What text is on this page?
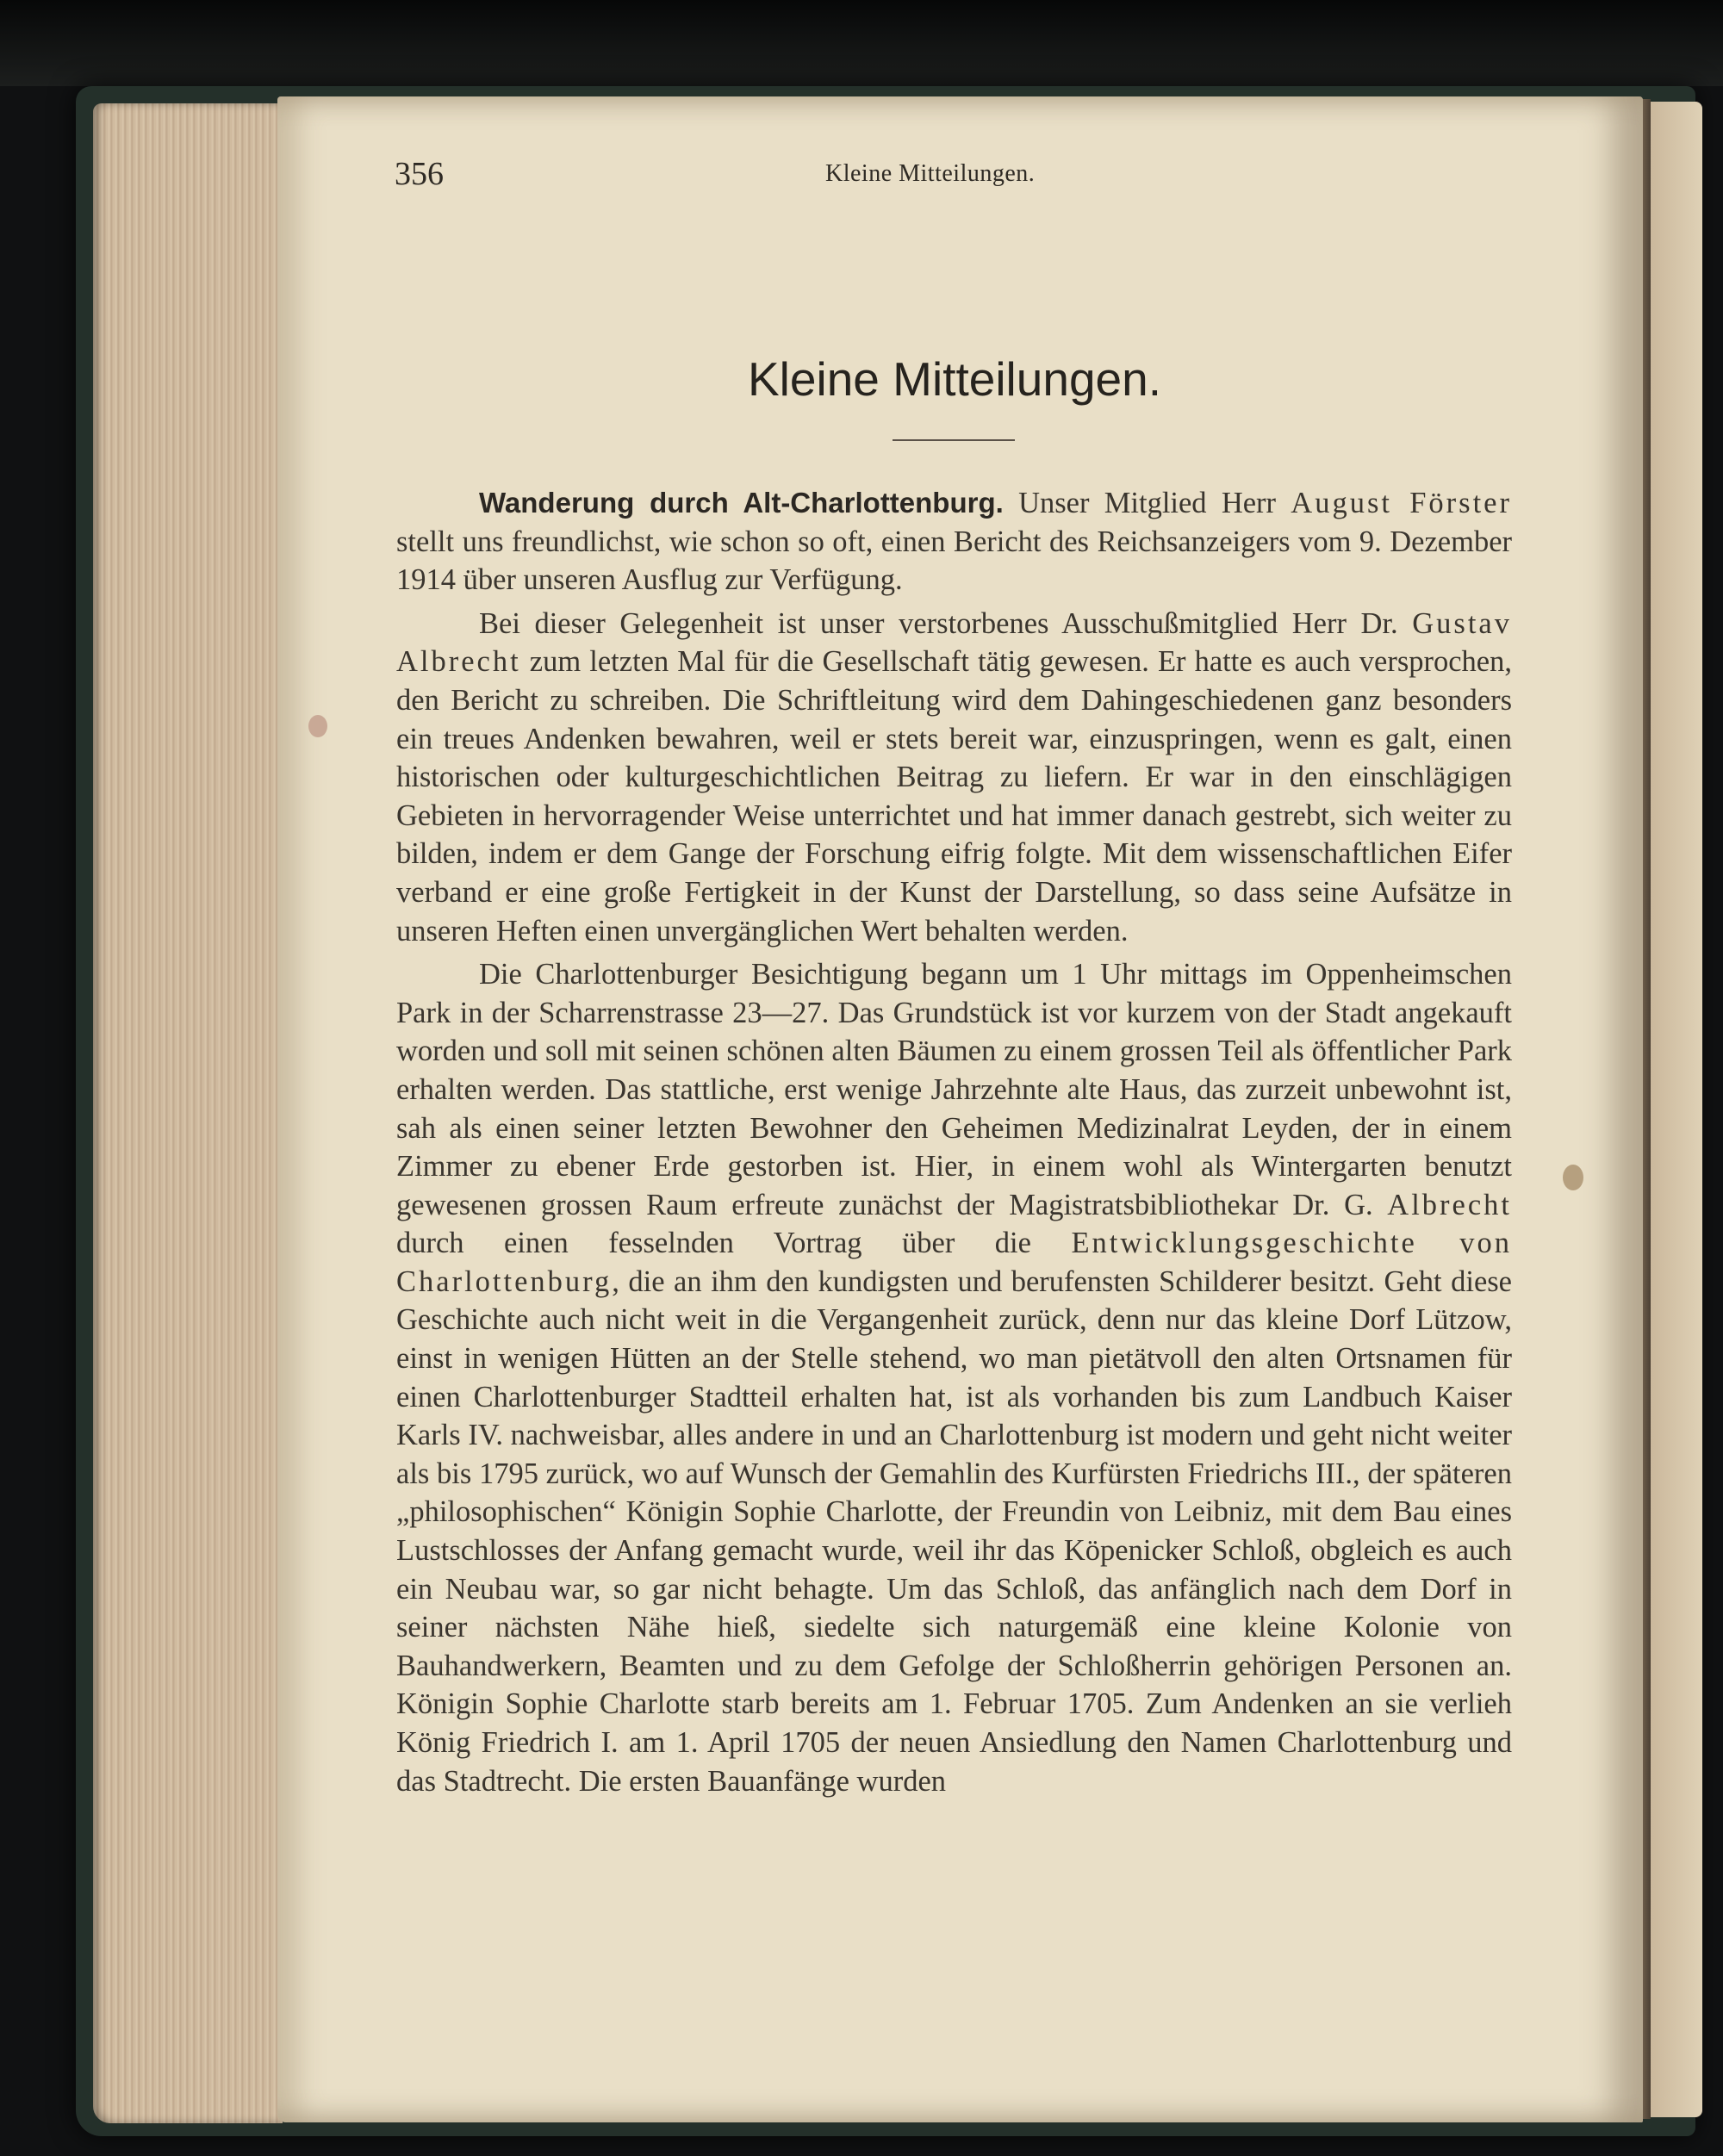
356	Kleine Mitteilungen.
Kleine Mitteilungen.

Wanderung durch Alt-Charlottenburg. Unser Mitglied Herr August Förster stellt uns freundlichst, wie schon so oft, einen Bericht des Reichsanzeigers vom 9. Dezember 1914 über unseren Ausflug zur Verfügung.

Bei dieser Gelegenheit ist unser verstorbenes Ausschußmitglied Herr Dr. Gustav Albrecht zum letzten Mal für die Gesellschaft tätig gewesen. Er hatte es auch versprochen, den Bericht zu schreiben. Die Schriftleitung wird dem Dahingeschiedenen ganz besonders ein treues Andenken bewahren, weil er stets bereit war, einzuspringen, wenn es galt, einen historischen oder kulturgeschichtlichen Beitrag zu liefern. Er war in den einschlägigen Gebieten in hervorragender Weise unterrichtet und hat immer danach gestrebt, sich weiter zu bilden, indem er dem Gange der Forschung eifrig folgte. Mit dem wissenschaftlichen Eifer verband er eine große Fertigkeit in der Kunst der Darstellung, so dass seine Aufsätze in unseren Heften einen unvergänglichen Wert behalten werden.

Die Charlottenburger Besichtigung begann um 1 Uhr mittags im Oppenheimschen Park in der Scharrenstrasse 23—27. Das Grundstück ist vor kurzem von der Stadt angekauft worden und soll mit seinen schönen alten Bäumen zu einem grossen Teil als öffentlicher Park erhalten werden. Das stattliche, erst wenige Jahrzehnte alte Haus, das zurzeit unbewohnt ist, sah als einen seiner letzten Bewohner den Geheimen Medizinalrat Leyden, der in einem Zimmer zu ebener Erde gestorben ist. Hier, in einem wohl als Wintergarten benutzt gewesenen grossen Raum erfreute zunächst der Magistratsbibliothekar Dr. G. Albrecht durch einen fesselnden Vortrag über die Entwicklungsgeschichte von Charlottenburg, die an ihm den kundigsten und berufensten Schilderer besitzt. Geht diese Geschichte auch nicht weit in die Vergangenheit zurück, denn nur das kleine Dorf Lützow, einst in wenigen Hütten an der Stelle stehend, wo man pietätvoll den alten Ortsnamen für einen Charlottenburger Stadtteil erhalten hat, ist als vorhanden bis zum Landbuch Kaiser Karls IV. nachweisbar, alles andere in und an Charlottenburg ist modern und geht nicht weiter als bis 1795 zurück, wo auf Wunsch der Gemahlin des Kurfürsten Friedrichs III., der späteren „philosophischen“ Königin Sophie Charlotte, der Freundin von Leibniz, mit dem Bau eines Lustschlosses der Anfang gemacht wurde, weil ihr das Köpenicker Schloß, obgleich es auch ein Neubau war, so gar nicht behagte. Um das Schloß, das anfänglich nach dem Dorf in seiner nächsten Nähe hieß, siedelte sich naturgemäß eine kleine Kolonie von Bauhandwerkern, Beamten und zu dem Gefolge der Schloßherrin gehörigen Personen an. Königin Sophie Charlotte starb bereits am 1. Februar 1705. Zum Andenken an sie verlieh König Friedrich I. am 1. April 1705 der neuen Ansiedlung den Namen Charlottenburg und das Stadtrecht. Die ersten Bauanfänge wurden
